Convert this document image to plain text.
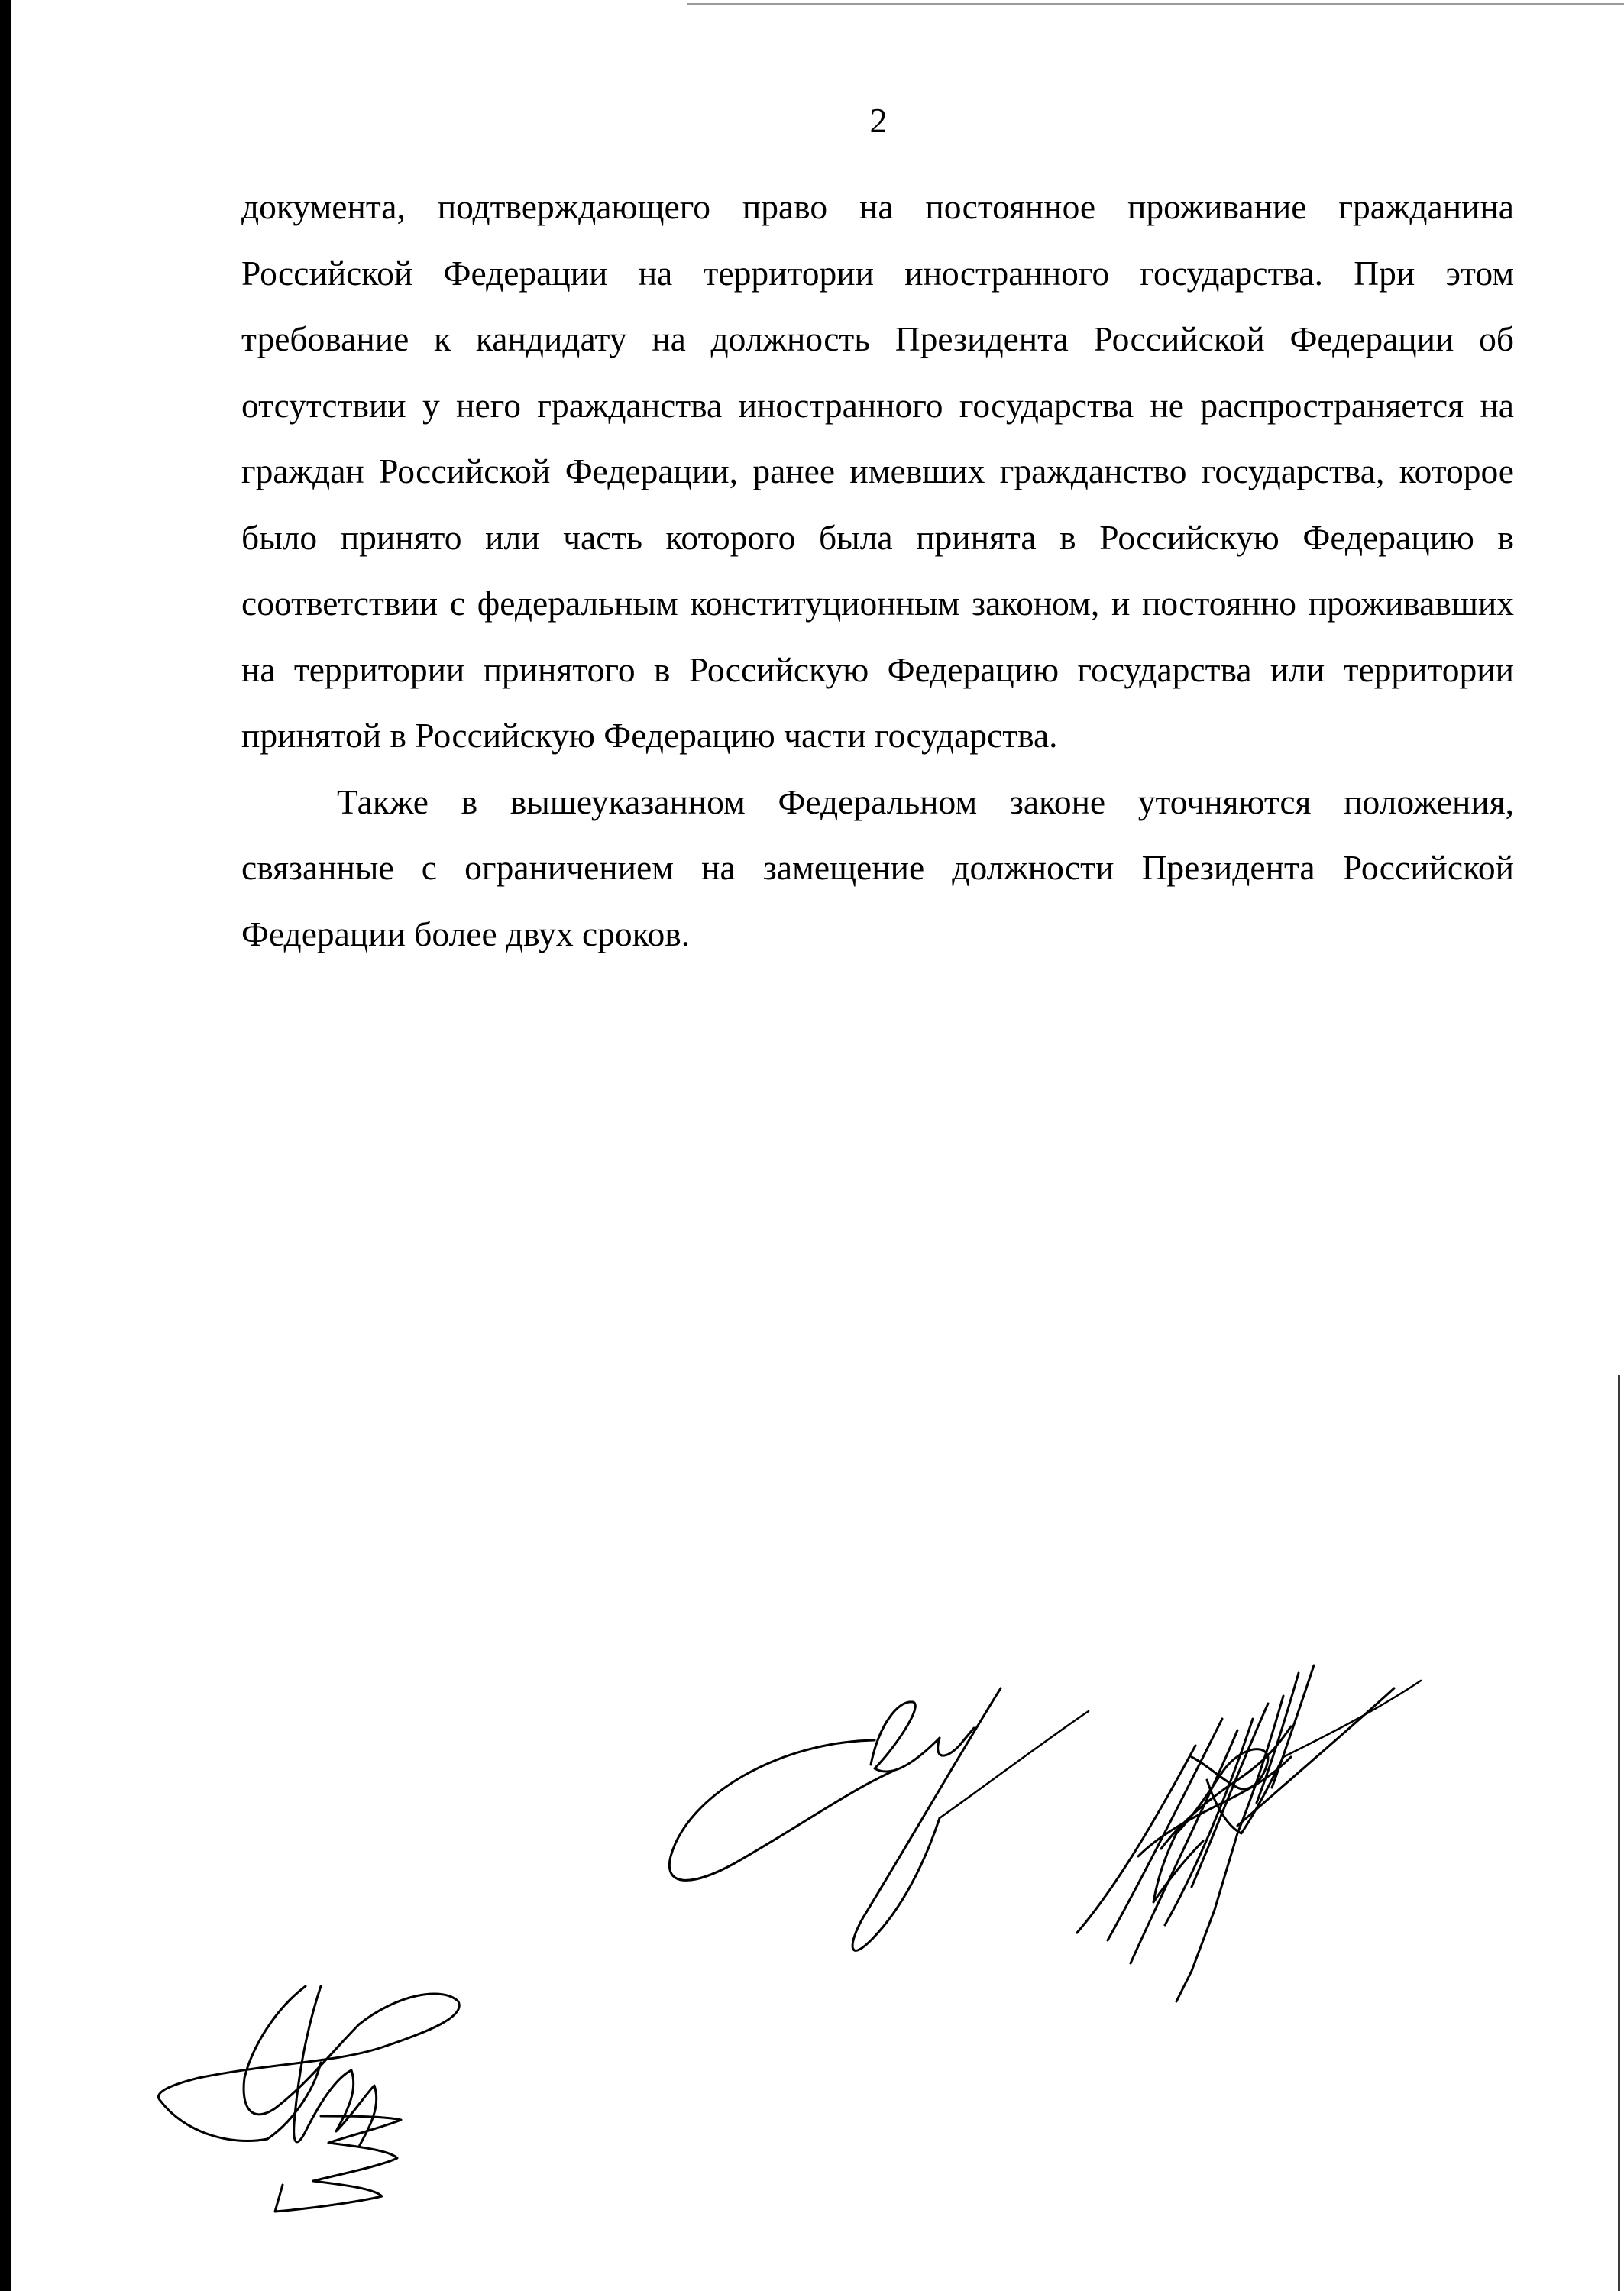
2

документа, подтверждающего право на постоянное проживание гражданина Российской Федерации на территории иностранного государства. При этом требование к кандидату на должность Президента Российской Федерации об отсутствии у него гражданства иностранного государства не распространяется на граждан Российской Федерации, ранее имевших гражданство государства, которое было принято или часть которого была принята в Российскую Федерацию в соответствии с федеральным конституционным законом, и постоянно проживавших на территории принятого в Российскую Федерацию государства или территории принятой в Российскую Федерацию части государства.

Также в вышеуказанном Федеральном законе уточняются положения, связанные с ограничением на замещение должности Президента Российской Федерации более двух сроков.
